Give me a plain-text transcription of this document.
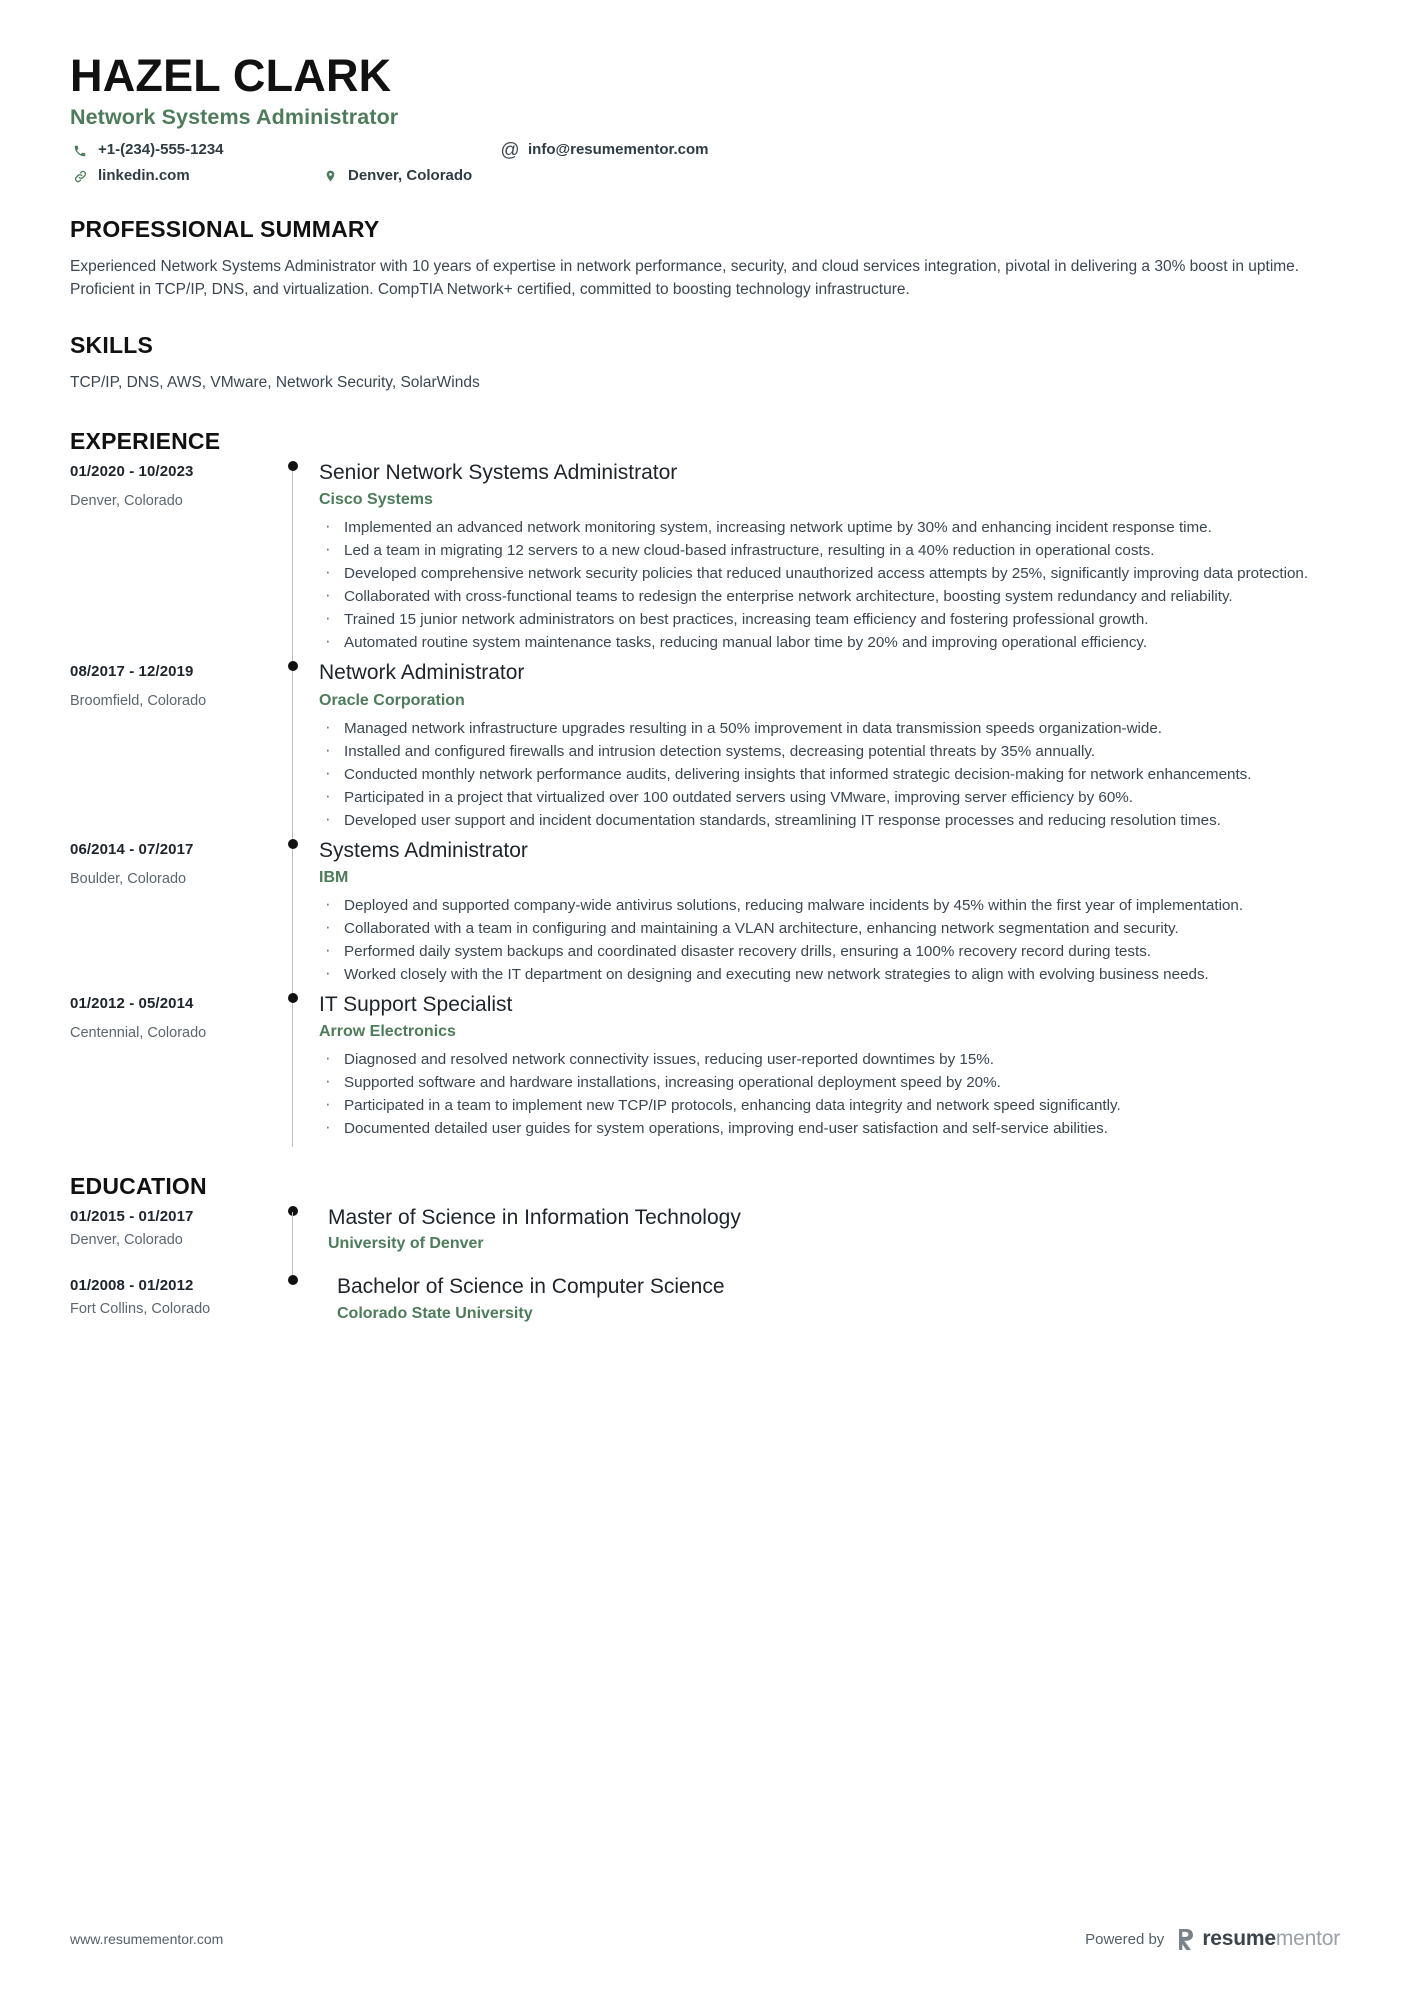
HAZEL CLARK
Network Systems Administrator
+1-(234)-555-1234	@ info@resumementor.com
linkedin.com	Denver, Colorado
PROFESSIONAL SUMMARY

Experienced Network Systems Administrator with 10 years of expertise in network performance, security, and cloud services integration, pivotal in delivering a 30% boost in uptime. Proficient in TCP/IP, DNS, and virtualization. CompTIA Network+ certified, committed to boosting technology infrastructure.

SKILLS

TCP/IP, DNS, AWS, VMware, Network Security, SolarWinds

EXPERIENCE
01/2020 - 10/2023
Denver, Colorado
Senior Network Systems Administrator
Cisco Systems
· Implemented an advanced network monitoring system, increasing network uptime by 30% and enhancing incident response time.
· Led a team in migrating 12 servers to a new cloud-based infrastructure, resulting in a 40% reduction in operational costs.
· Developed comprehensive network security policies that reduced unauthorized access attempts by 25%, significantly improving data protection.
· Collaborated with cross-functional teams to redesign the enterprise network architecture, boosting system redundancy and reliability.
· Trained 15 junior network administrators on best practices, increasing team efficiency and fostering professional growth.
· Automated routine system maintenance tasks, reducing manual labor time by 20% and improving operational efficiency.
08/2017 - 12/2019
Broomfield, Colorado
Network Administrator
Oracle Corporation
· Managed network infrastructure upgrades resulting in a 50% improvement in data transmission speeds organization-wide.
· Installed and configured firewalls and intrusion detection systems, decreasing potential threats by 35% annually.
· Conducted monthly network performance audits, delivering insights that informed strategic decision-making for network enhancements.
· Participated in a project that virtualized over 100 outdated servers using VMware, improving server efficiency by 60%.
· Developed user support and incident documentation standards, streamlining IT response processes and reducing resolution times.
06/2014 - 07/2017
Boulder, Colorado
Systems Administrator
IBM
· Deployed and supported company-wide antivirus solutions, reducing malware incidents by 45% within the first year of implementation.
· Collaborated with a team in configuring and maintaining a VLAN architecture, enhancing network segmentation and security.
· Performed daily system backups and coordinated disaster recovery drills, ensuring a 100% recovery record during tests.
· Worked closely with the IT department on designing and executing new network strategies to align with evolving business needs.
01/2012 - 05/2014
Centennial, Colorado
IT Support Specialist
Arrow Electronics
· Diagnosed and resolved network connectivity issues, reducing user-reported downtimes by 15%.
· Supported software and hardware installations, increasing operational deployment speed by 20%.
· Participated in a team to implement new TCP/IP protocols, enhancing data integrity and network speed significantly.
· Documented detailed user guides for system operations, improving end-user satisfaction and self-service abilities.
EDUCATION
01/2015 - 01/2017
Denver, Colorado
Master of Science in Information Technology
University of Denver
01/2008 - 01/2012
Fort Collins, Colorado
Bachelor of Science in Computer Science
Colorado State University
www.resumementor.com	Powered by resumementor
